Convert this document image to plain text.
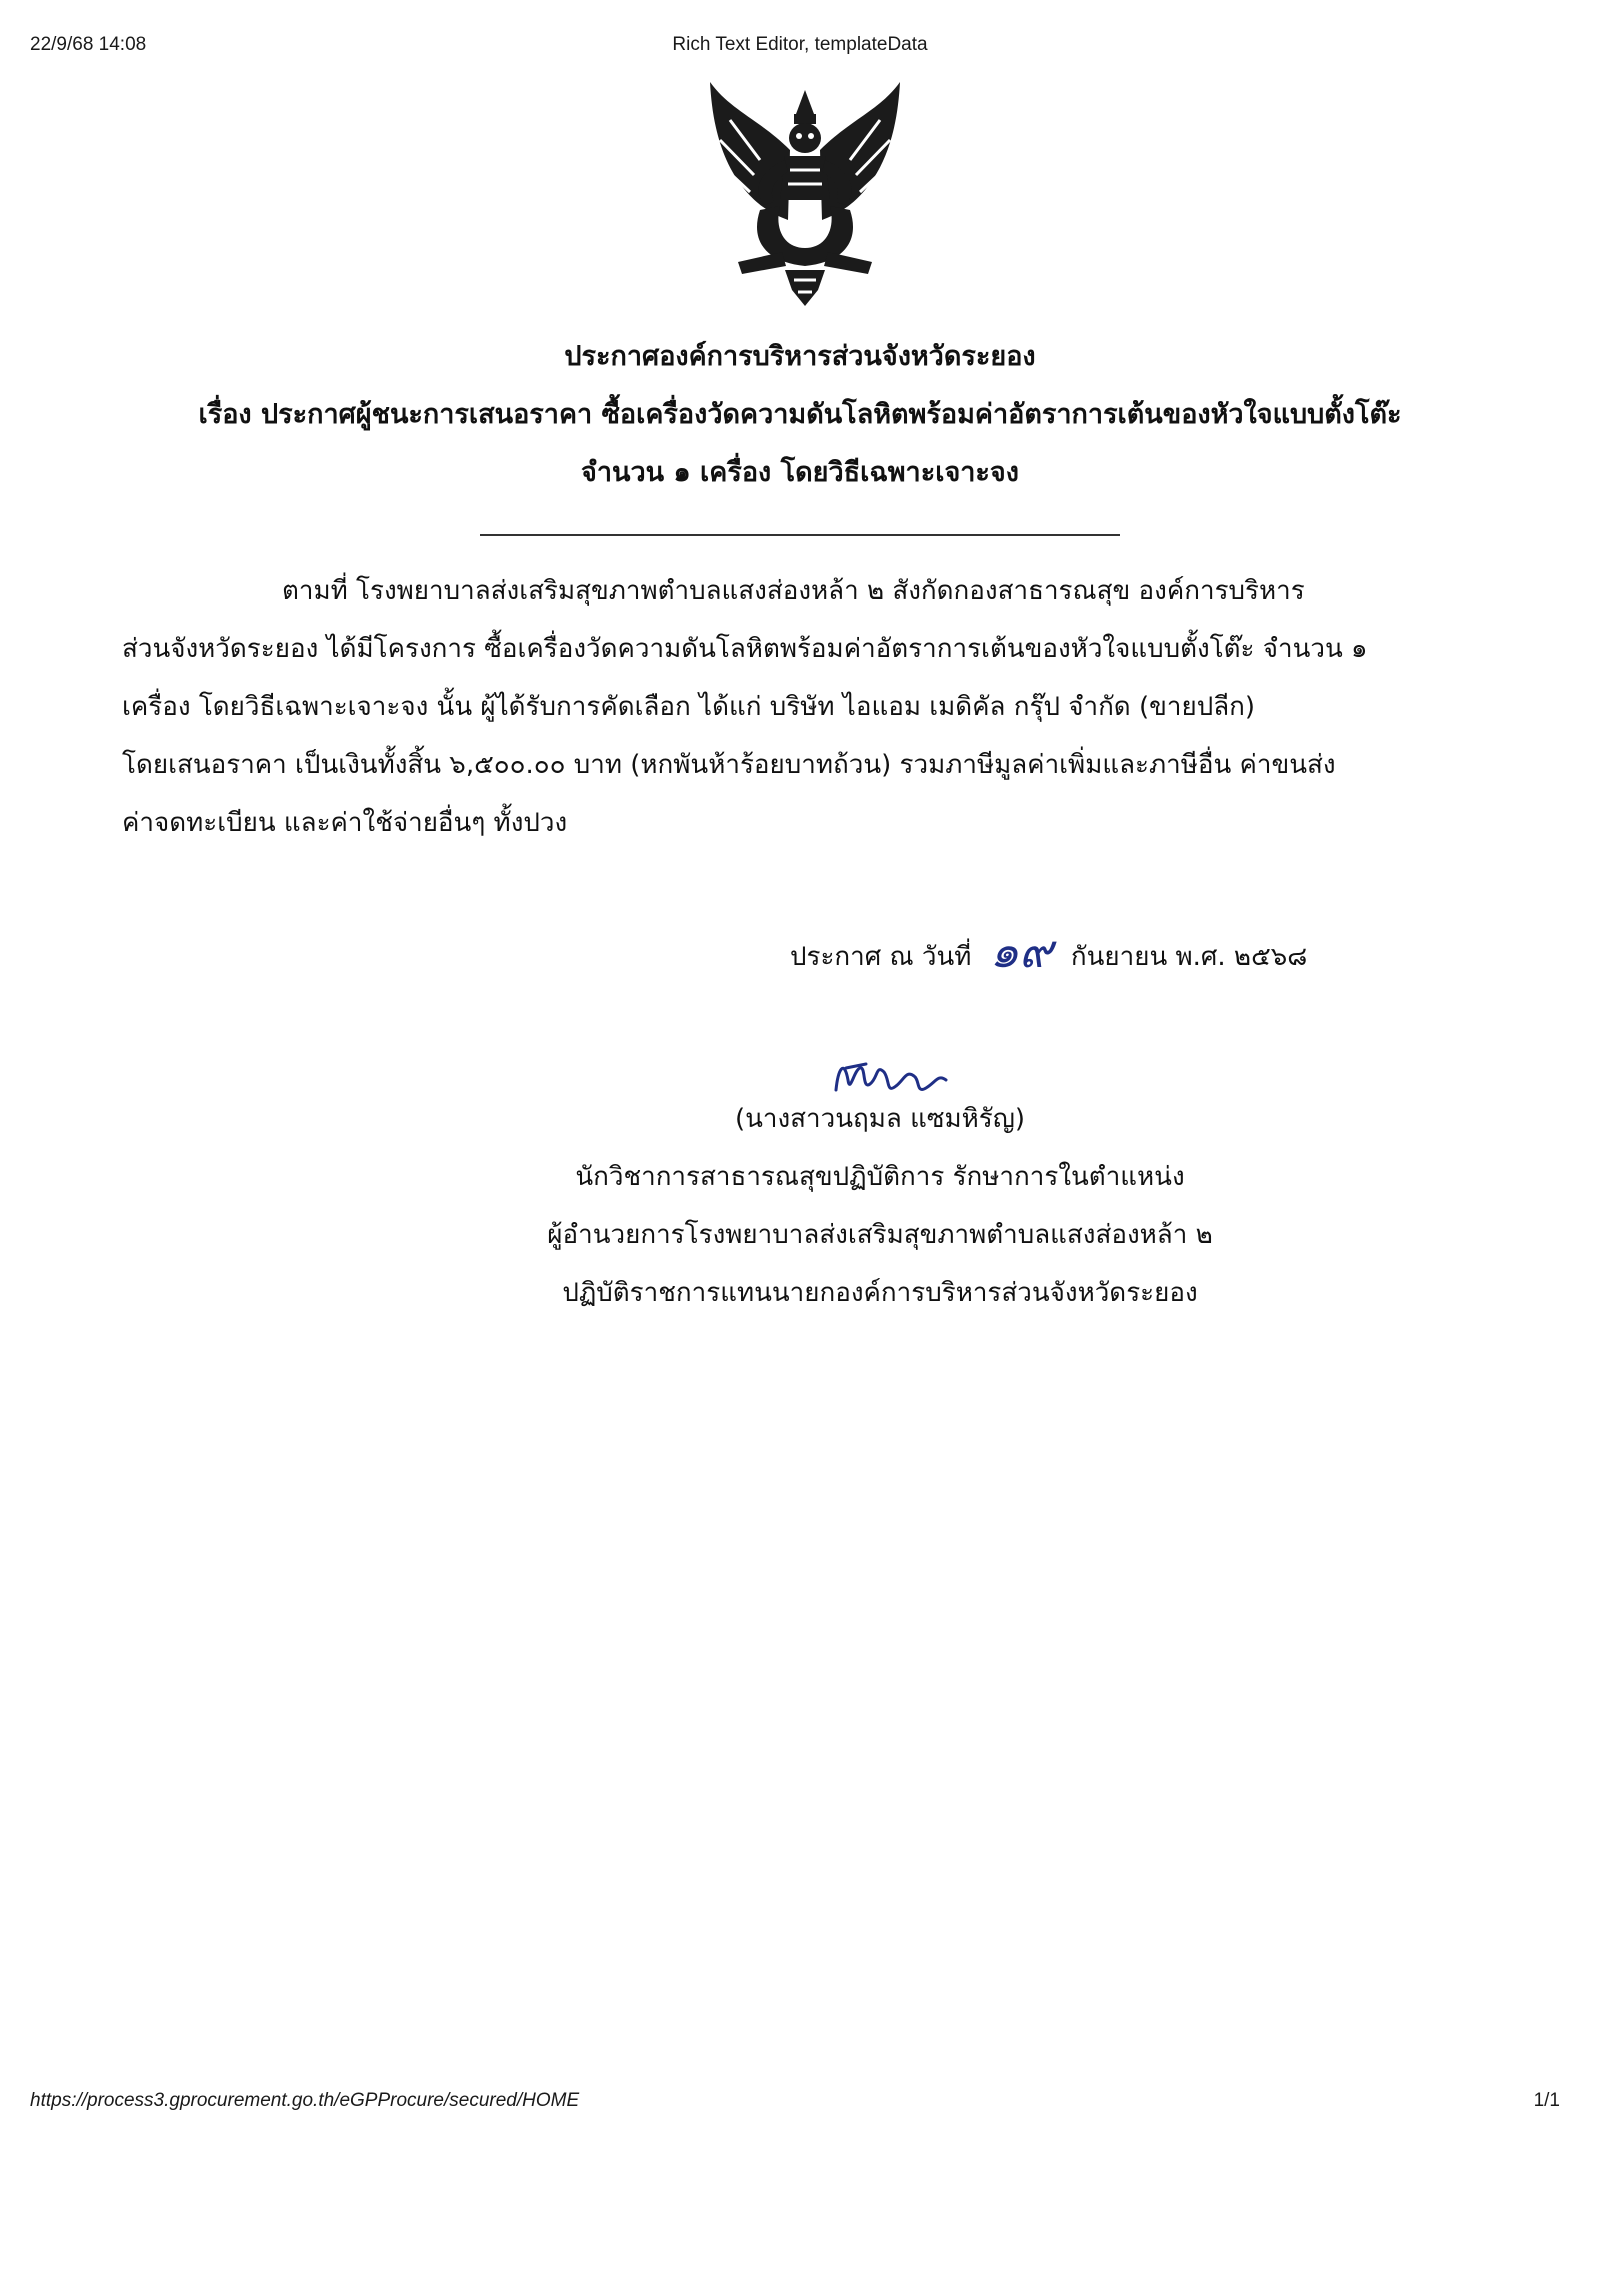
22/9/68 14:08	Rich Text Editor, templateData
ประกาศองค์การบริหารส่วนจังหวัดระยอง
เรื่อง ประกาศผู้ชนะการเสนอราคา ซื้อเครื่องวัดความดันโลหิตพร้อมค่าอัตราการเต้นของหัวใจแบบตั้งโต๊ะ
จำนวน ๑ เครื่อง โดยวิธีเฉพาะเจาะจง
ตามที่ โรงพยาบาลส่งเสริมสุขภาพตำบลแสงส่องหล้า ๒ สังกัดกองสาธารณสุข องค์การบริหาร
ส่วนจังหวัดระยอง ได้มีโครงการ ซื้อเครื่องวัดความดันโลหิตพร้อมค่าอัตราการเต้นของหัวใจแบบตั้งโต๊ะ จำนวน ๑
เครื่อง โดยวิธีเฉพาะเจาะจง นั้น ผู้ได้รับการคัดเลือก ได้แก่ บริษัท ไอแอม เมดิคัล กรุ๊ป จำกัด (ขายปลีก)
โดยเสนอราคา เป็นเงินทั้งสิ้น ๖,๕๐๐.๐๐ บาท (หกพันห้าร้อยบาทถ้วน) รวมภาษีมูลค่าเพิ่มและภาษีอื่น ค่าขนส่ง
ค่าจดทะเบียน และค่าใช้จ่ายอื่นๆ ทั้งปวง
ประกาศ ณ วันที่ ๑๙ กันยายน พ.ศ. ๒๕๖๘
(นางสาวนฤมล แซมหิรัญ)
นักวิชาการสาธารณสุขปฏิบัติการ รักษาการในตำแหน่ง
ผู้อำนวยการโรงพยาบาลส่งเสริมสุขภาพตำบลแสงส่องหล้า ๒
ปฏิบัติราชการแทนนายกองค์การบริหารส่วนจังหวัดระยอง
https://process3.gprocurement.go.th/eGPProcure/secured/HOME	1/1
